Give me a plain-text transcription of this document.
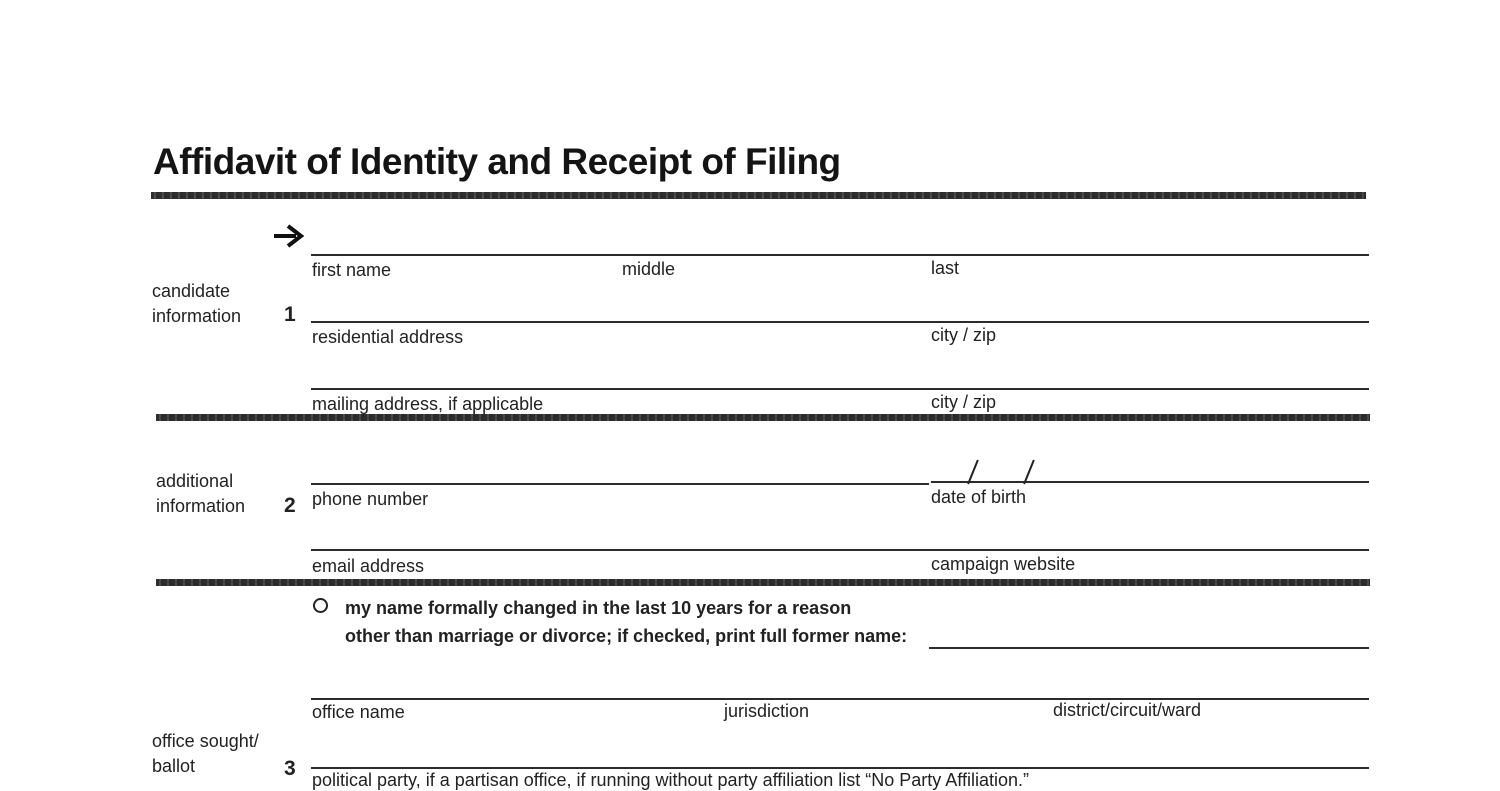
Affidavit of Identity and Receipt of Filing
candidate
information 1
first name	middle	last
residential address	city / zip
mailing address, if applicable	city / zip
additional
information 2 phone number	date of birth
email address	campaign website
my name formally changed in the last 10 years for a reason
other than marriage or divorce; if checked, print full former name:
office name	jurisdiction	district/circuit/ward
office sought/
ballot	3 political party, if a partisan office, if running without party affiliation list “No Party Affiliation.”
